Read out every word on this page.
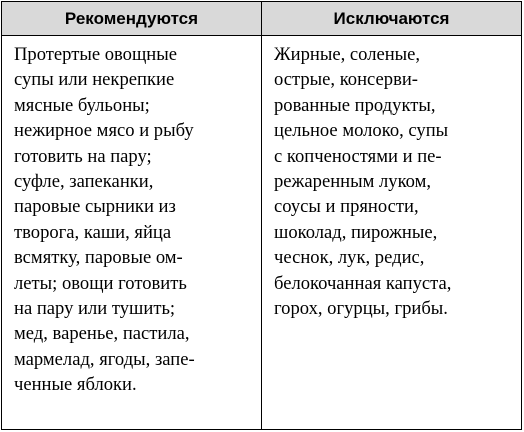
Рекомендуются
Протертые овощные
супы или некрепкие
мясные бульоны;
нежирное мясо и рыбу
готовить на пару;
суфле, запеканки,
паровые сырники из
творога, каши, яйца
всмятку, паровые ом-
леты; овощи готовить
на пару или тушить;
мед, варенье, пастила,
мармелад, ягоды, запе-
ченные яблоки.
Исключаются
Жирные, соленые,
острые, консерви-
рованные продукты,
цельное молоко, супы
с копченостями и пе-
режаренным луком,
соусы и пряности,
шоколад, пирожные,
чеснок, лук, редис,
белокочанная капуста,
горох, огурцы, грибы.
